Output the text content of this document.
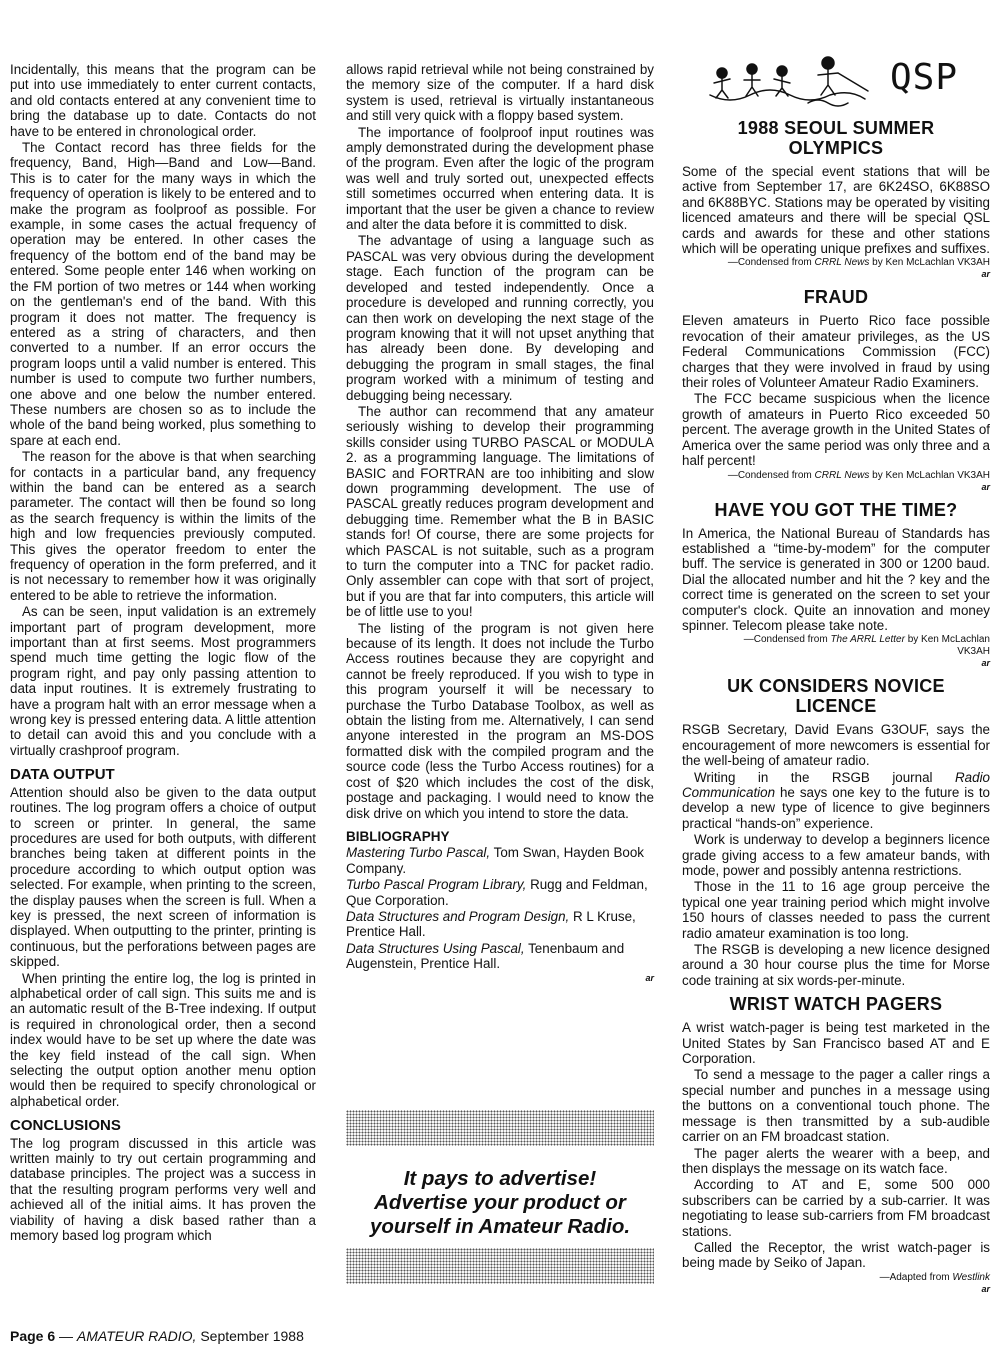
Incidentally, this means that the program can be put into use immediately to enter current contacts, and old contacts entered at any convenient time to bring the database up to date. Contacts do not have to be entered in chronological order.

The Contact record has three fields for the frequency, Band, High—Band and Low—Band. This is to cater for the many ways in which the frequency of operation is likely to be entered and to make the program as foolproof as possible. For example, in some cases the actual frequency of operation may be entered. In other cases the frequency of the bottom end of the band may be entered. Some people enter 146 when working on the FM portion of two metres or 144 when working on the gentleman's end of the band. With this program it does not matter. The frequency is entered as a string of characters, and then converted to a number. If an error occurs the program loops until a valid number is entered. This number is used to compute two further numbers, one above and one below the number entered. These numbers are chosen so as to include the whole of the band being worked, plus something to spare at each end.

The reason for the above is that when searching for contacts in a particular band, any frequency within the band can be entered as a search parameter. The contact will then be found so long as the search frequency is within the limits of the high and low frequencies previously computed. This gives the operator freedom to enter the frequency of operation in the form preferred, and it is not necessary to remember how it was originally entered to be able to retrieve the information.

As can be seen, input validation is an extremely important part of program development, more important than at first seems. Most programmers spend much time getting the logic flow of the program right, and pay only passing attention to data input routines. It is extremely frustrating to have a program halt with an error message when a wrong key is pressed entering data. A little attention to detail can avoid this and you conclude with a virtually crashproof program.

DATA OUTPUT

Attention should also be given to the data output routines. The log program offers a choice of output to screen or printer. In general, the same procedures are used for both outputs, with different branches being taken at different points in the procedure according to which output option was selected. For example, when printing to the screen, the display pauses when the screen is full. When a key is pressed, the next screen of information is displayed. When outputting to the printer, printing is continuous, but the perforations between pages are skipped.

When printing the entire log, the log is printed in alphabetical order of call sign. This suits me and is an automatic result of the B-Tree indexing. If output is required in chronological order, then a second index would have to be set up where the date was the key field instead of the call sign. When selecting the output option another menu option would then be required to specify chronological or alphabetical order.

CONCLUSIONS

The log program discussed in this article was written mainly to try out certain programming and database principles. The project was a success in that the resulting program performs very well and achieved all of the initial aims. It has proven the viability of having a disk based rather than a memory based log program which

allows rapid retrieval while not being constrained by the memory size of the computer. If a hard disk system is used, retrieval is virtually instantaneous and still very quick with a floppy based system.

The importance of foolproof input routines was amply demonstrated during the development phase of the program. Even after the logic of the program was well and truly sorted out, unexpected effects still sometimes occurred when entering data. It is important that the user be given a chance to review and alter the data before it is committed to disk.

The advantage of using a language such as PASCAL was very obvious during the development stage. Each function of the program can be developed and tested independently. Once a procedure is developed and running correctly, you can then work on developing the next stage of the program knowing that it will not upset anything that has already been done. By developing and debugging the program in small stages, the final program worked with a minimum of testing and debugging being necessary.

The author can recommend that any amateur seriously wishing to develop their programming skills consider using TURBO PASCAL or MODULA 2. as a programming language. The limitations of BASIC and FORTRAN are too inhibiting and slow down programming development. The use of PASCAL greatly reduces program development and debugging time. Remember what the B in BASIC stands for! Of course, there are some projects for which PASCAL is not suitable, such as a program to turn the computer into a TNC for packet radio. Only assembler can cope with that sort of project, but if you are that far into computers, this article will be of little use to you!

The listing of the program is not given here because of its length. It does not include the Turbo Access routines because they are copyright and cannot be freely reproduced. If you wish to type in this program yourself it will be necessary to purchase the Turbo Database Toolbox, as well as obtain the listing from me. Alternatively, I can send anyone interested in the program an MS-DOS formatted disk with the compiled program and the source code (less the Turbo Access routines) for a cost of $20 which includes the cost of the disk, postage and packaging. I would need to know the disk drive on which you intend to store the data.

BIBLIOGRAPHY

Mastering Turbo Pascal, Tom Swan, Hayden Book Company.

Turbo Pascal Program Library, Rugg and Feldman, Que Corporation.

Data Structures and Program Design, R L Kruse, Prentice Hall.

Data Structures Using Pascal, Tenenbaum and Augenstein, Prentice Hall.

ar

It pays to advertise!
Advertise your product or
yourself in Amateur Radio.
QSP
1988 SEOUL SUMMER
OLYMPICS

Some of the special event stations that will be active from September 17, are 6K24SO, 6K88SO and 6K88BYC. Stations may be operated by visiting licenced amateurs and there will be special QSL cards and awards for these and other stations which will be operating unique prefixes and suffixes.

—Condensed from CRRL News by Ken McLachlan VK3AH

ar

FRAUD

Eleven amateurs in Puerto Rico face possible revocation of their amateur privileges, as the US Federal Communications Commission (FCC) charges that they were involved in fraud by using their roles of Volunteer Amateur Radio Examiners.

The FCC became suspicious when the licence growth of amateurs in Puerto Rico exceeded 50 percent. The average growth in the United States of America over the same period was only three and a half percent!

—Condensed from CRRL News by Ken McLachlan VK3AH

ar

HAVE YOU GOT THE TIME?

In America, the National Bureau of Standards has established a “time-by-modem” for the computer buff. The service is generated in 300 or 1200 baud. Dial the allocated number and hit the ? key and the correct time is generated on the screen to set your computer's clock. Quite an innovation and money spinner. Telecom please take note.

—Condensed from The ARRL Letter by Ken McLachlan
VK3AH

ar

UK CONSIDERS NOVICE
LICENCE

RSGB Secretary, David Evans G3OUF, says the encouragement of more newcomers is essential for the well-being of amateur radio.

Writing in the RSGB journal Radio Communication he says one key to the future is to develop a new type of licence to give beginners practical “hands-on” experience.

Work is underway to develop a beginners licence grade giving access to a few amateur bands, with mode, power and possibly antenna restrictions.

Those in the 11 to 16 age group perceive the typical one year training period which might involve 150 hours of classes needed to pass the current radio amateur examination is too long.

The RSGB is developing a new licence designed around a 30 hour course plus the time for Morse code training at six words-per-minute.

WRIST WATCH PAGERS

A wrist watch-pager is being test marketed in the United States by San Francisco based AT and E Corporation.

To send a message to the pager a caller rings a special number and punches in a message using the buttons on a conventional touch phone. The message is then transmitted by a sub-audible carrier on an FM broadcast station.

The pager alerts the wearer with a beep, and then displays the message on its watch face.

According to AT and E, some 500 000 subscribers can be carried by a sub-carrier. It was negotiating to lease sub-carriers from FM broadcast stations.

Called the Receptor, the wrist watch-pager is being made by Seiko of Japan.

—Adapted from Westlink

ar

Page 6 — AMATEUR RADIO, September 1988
